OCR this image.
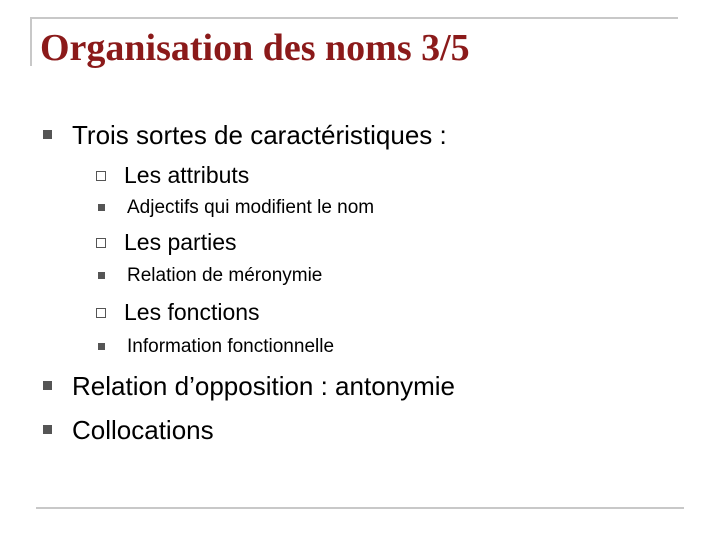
Organisation des noms 3/5
Trois sortes de caractéristiques :
Les attributs
Adjectifs qui modifient le nom
Les parties
Relation de méronymie
Les fonctions
Information fonctionnelle
Relation d’opposition : antonymie
Collocations
